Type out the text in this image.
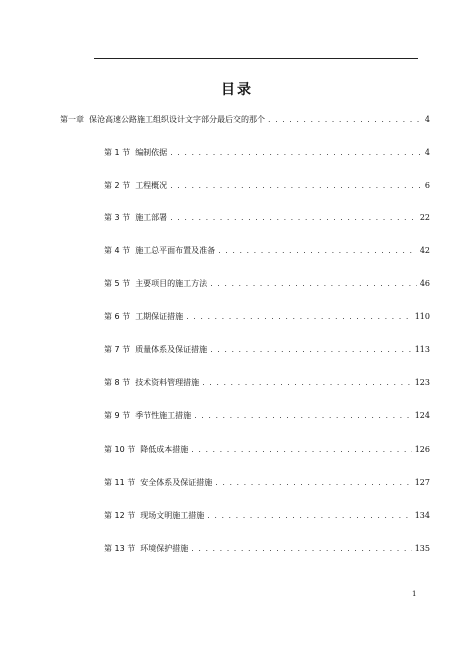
目录
第一章 保沧高速公路施工组织设计文字部分最后交的那个 . . .	4
第 1 节 编制依据 . . .	4
第 2 节 工程概况 . . .	6
第 3 节 施工部署 . . .	22
第 4 节 施工总平面布置及准备 . . .	42
第 5 节 主要项目的施工方法 . . .	46
第 6 节 工期保证措施 . . .	110
第 7 节 质量体系及保证措施 . . .	113
第 8 节 技术资料管理措施 . . .	123
第 9 节 季节性施工措施 . . .	124
第 10 节 降低成本措施 . . .	126
第 11 节 安全体系及保证措施 . . .	127
第 12 节 现场文明施工措施 . . .	134
第 13 节 环境保护措施 . . .	135
1
